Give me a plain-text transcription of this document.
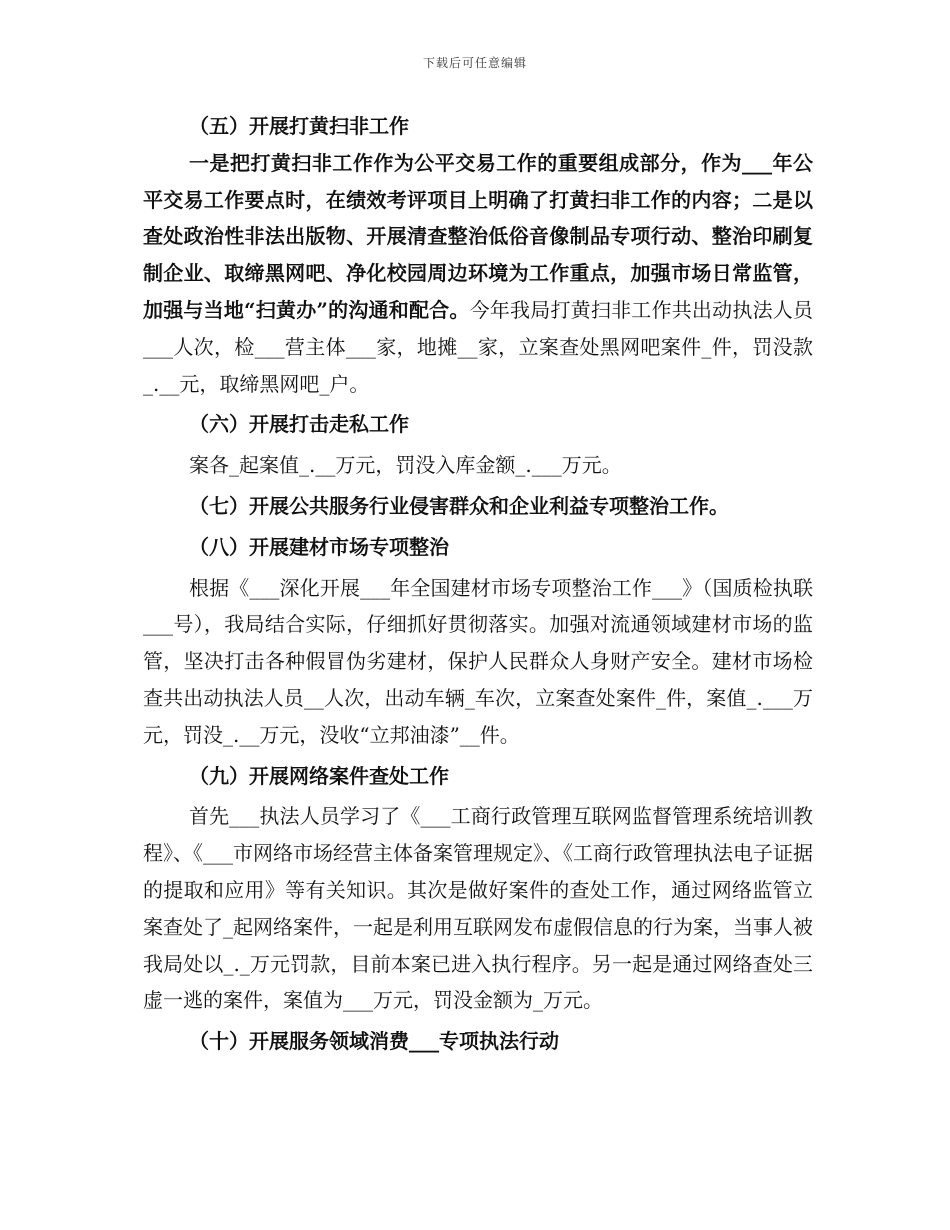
下载后可任意编辑

（五）开展打黄扫非工作

一是把打黄扫非工作作为公平交易工作的重要组成部分，作为___年公平交易工作要点时，在绩效考评项目上明确了打黄扫非工作的内容；二是以查处政治性非法出版物、开展清查整治低俗音像制品专项行动、整治印刷复制企业、取缔黑网吧、净化校园周边环境为工作重点，加强市场日常监管，加强与当地“扫黄办”的沟通和配合。今年我局打黄扫非工作共出动执法人员___人次，检___营主体___家，地摊__家，立案查处黑网吧案件_件，罚没款_.__元，取缔黑网吧_户。

（六）开展打击走私工作

案各_起案值_.__万元，罚没入库金额_.___万元。

（七）开展公共服务行业侵害群众和企业利益专项整治工作。

（八）开展建材市场专项整治

根据《___深化开展___年全国建材市场专项整治工作___》（国质检执联___号），我局结合实际，仔细抓好贯彻落实。加强对流通领域建材市场的监管，坚决打击各种假冒伪劣建材，保护人民群众人身财产安全。建材市场检查共出动执法人员__人次，出动车辆_车次，立案查处案件_件，案值_.___万元，罚没_.__万元，没收“立邦油漆”__件。

（九）开展网络案件查处工作

首先___执法人员学习了《___工商行政管理互联网监督管理系统培训教程》、《___市网络市场经营主体备案管理规定》、《工商行政管理执法电子证据的提取和应用》等有关知识。其次是做好案件的查处工作，通过网络监管立案查处了_起网络案件，一起是利用互联网发布虚假信息的行为案，当事人被我局处以_._万元罚款，目前本案已进入执行程序。另一起是通过网络查处三虚一逃的案件，案值为___万元，罚没金额为_万元。

（十）开展服务领域消费___专项执法行动
